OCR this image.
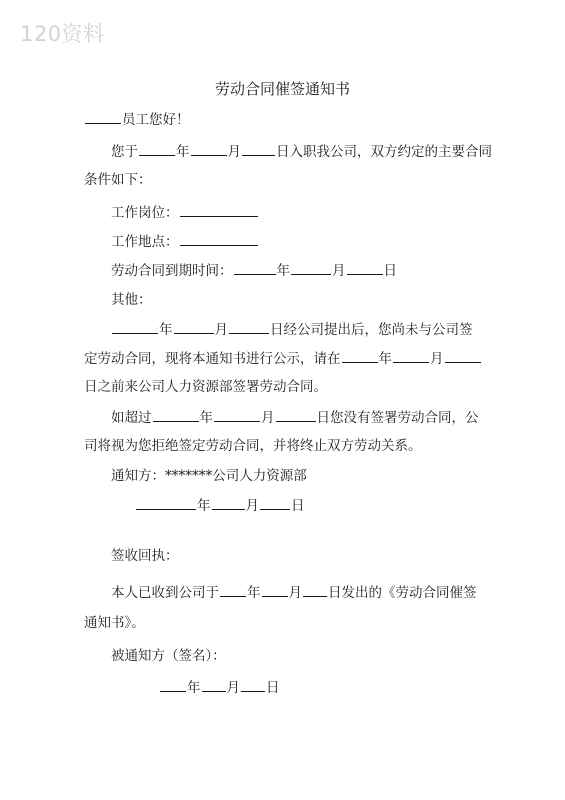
120资料
劳动合同催签通知书
员工您好！
您于	年	月	日入职我公司，双方约定的主要合同
条件如下：
工作岗位：
工作地点：
劳动合同到期时间：	年	月	日
其他：
年	月	日经公司提出后，您尚未与公司签
定劳动合同，现将本通知书进行公示，请在	年	月
日之前来公司人力资源部签署劳动合同。
如超过	年	月	日您没有签署劳动合同，公
司将视为您拒绝签定劳动合同，并将终止双方劳动关系。
通知方：*******公司人力资源部
年	月 日
签收回执：
本人已收到公司于 年 月 日发出的《劳动合同催签
通知书》。
被通知方（签名）：
年 月 日
